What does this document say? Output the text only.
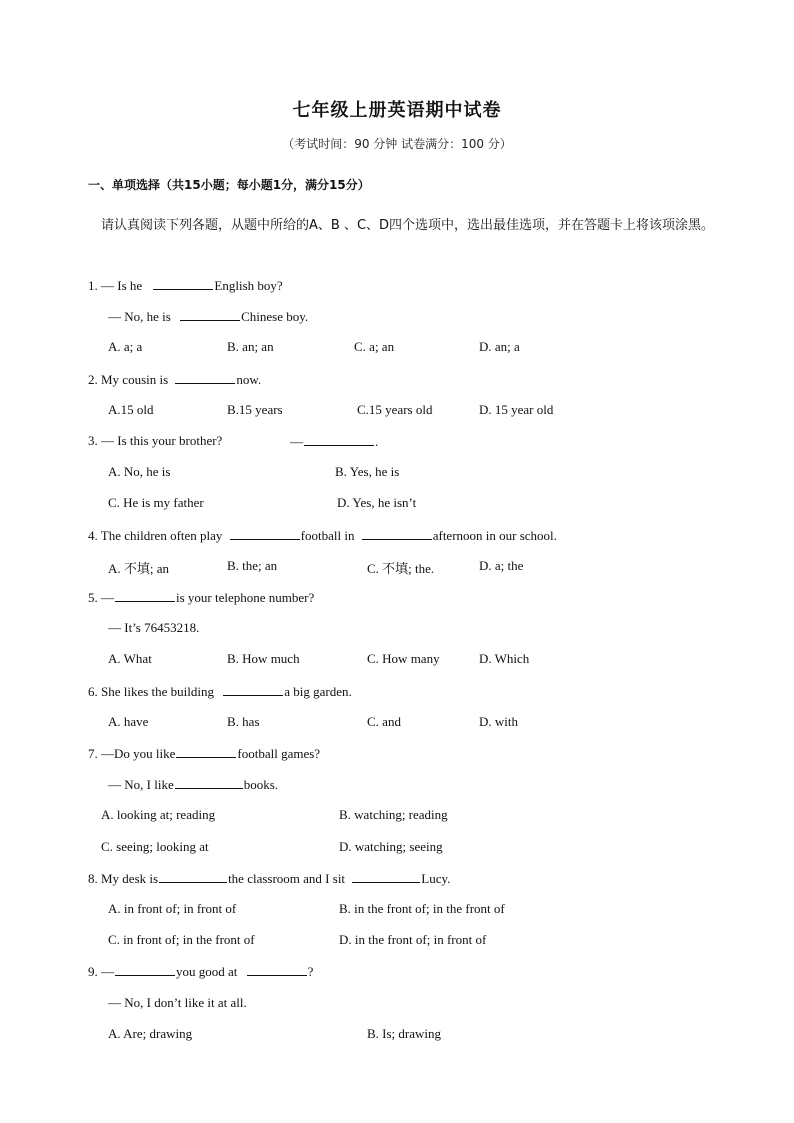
七年级上册英语期中试卷
（考试时间：90 分钟 试卷满分：100 分）
一、单项选择（共15小题；每小题1分，满分15分）
请认真阅读下列各题，从题中所给的A、B 、C、D四个选项中，选出最佳选项，并在答题卡上将该项涂黑。
1. — Is he	English boy?
— No, he is	Chinese boy.
A. a; a	B. an; an	C. a; an	D. an; a
2. My cousin is	now.
A.15 old	B.15 years	C.15 years old	D. 15 year old
3. — Is this your brother?	—	.
A. No, he is	B. Yes, he is
C. He is my father	D. Yes, he isn’t
4. The children often play	football in	afternoon in our school.
A. 不填; an	B. the; an	C. 不填; the.	D. a; the
5. —	is your telephone number?
— It’s 76453218.
A. What	B. How much	C. How many	D. Which
6. She likes the building	a big garden.
A. have	B. has	C. and	D. with
7. —Do you like	football games?
— No, I like	books.
A. looking at; reading	B. watching; reading
C. seeing; looking at	D. watching; seeing
8. My desk is	the classroom and I sit	Lucy.
A. in front of; in front of	B. in the front of; in the front of
C. in front of; in the front of	D. in the front of; in front of
9. —	you good at	?
— No, I don’t like it at all.
A. Are; drawing	B. Is; drawing
